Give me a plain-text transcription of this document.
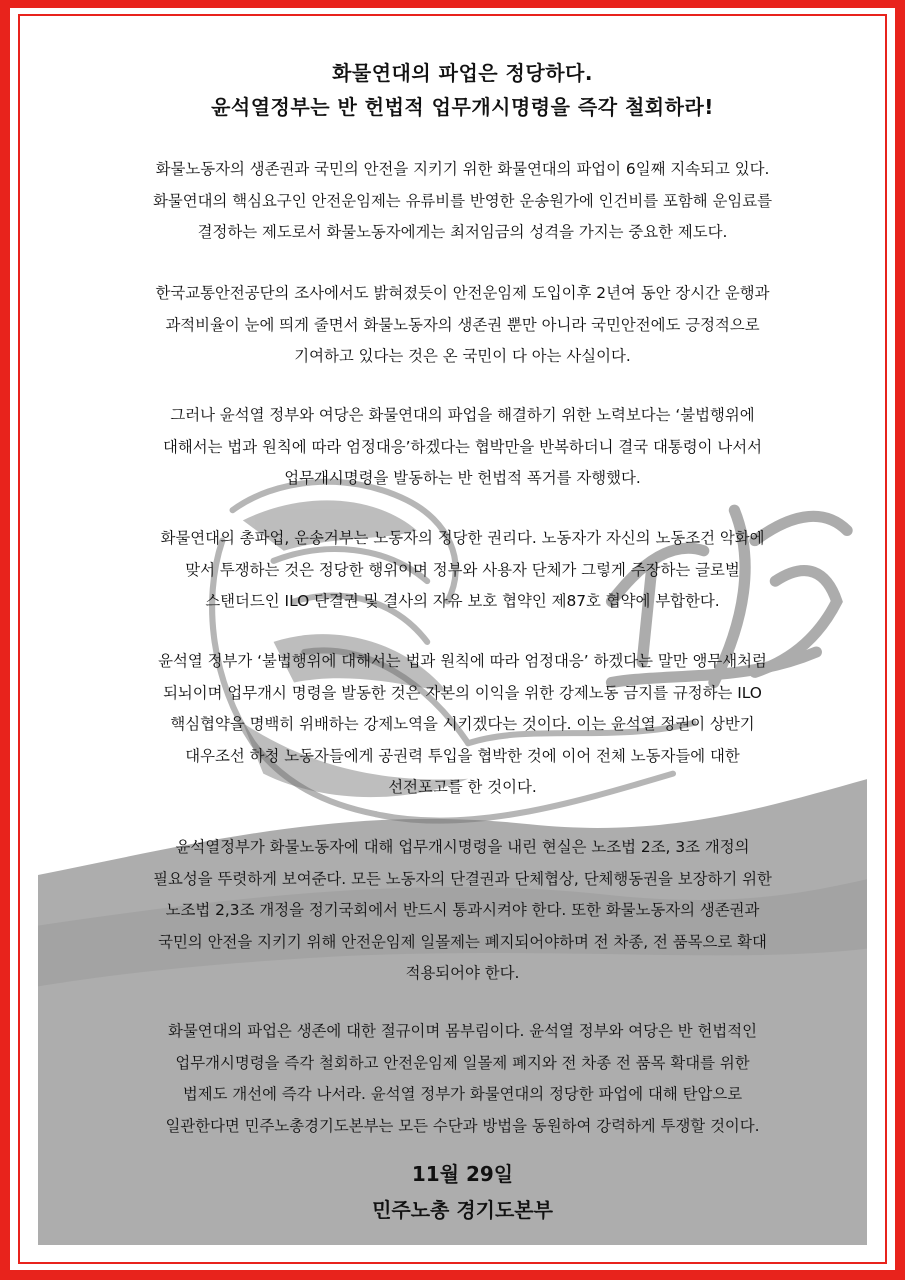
화물연대의 파업은 정당하다.
윤석열정부는 반 헌법적 업무개시명령을 즉각 철회하라!

화물노동자의 생존권과 국민의 안전을 지키기 위한 화물연대의 파업이 6일째 지속되고 있다.
화물연대의 핵심요구인 안전운임제는 유류비를 반영한 운송원가에 인건비를 포함해 운임료를
결정하는 제도로서 화물노동자에게는 최저임금의 성격을 가지는 중요한 제도다.

한국교통안전공단의 조사에서도 밝혀졌듯이 안전운임제 도입이후 2년여 동안 장시간 운행과
과적비율이 눈에 띄게 줄면서 화물노동자의 생존권 뿐만 아니라 국민안전에도 긍정적으로
기여하고 있다는 것은 온 국민이 다 아는 사실이다.

그러나 윤석열 정부와 여당은 화물연대의 파업을 해결하기 위한 노력보다는 ‘불법행위에
대해서는 법과 원칙에 따라 엄정대응’하겠다는 협박만을 반복하더니 결국 대통령이 나서서
업무개시명령을 발동하는 반 헌법적 폭거를 자행했다.

화물연대의 총파업, 운송거부는 노동자의 정당한 권리다. 노동자가 자신의 노동조건 악화에
맞서 투쟁하는 것은 정당한 행위이며 정부와 사용자 단체가 그렇게 주장하는 글로벌
스탠더드인 ILO 단결권 및 결사의 자유 보호 협약인 제87호 협약에 부합한다.

윤석열 정부가 ‘불법행위에 대해서는 법과 원칙에 따라 엄정대응’ 하겠다는 말만 앵무새처럼
되뇌이며 업무개시 명령을 발동한 것은 자본의 이익을 위한 강제노동 금지를 규정하는 ILO
핵심협약을 명백히 위배하는 강제노역을 시키겠다는 것이다. 이는 윤석열 정권이 상반기
대우조선 하청 노동자들에게 공권력 투입을 협박한 것에 이어 전체 노동자들에 대한
선전포고를 한 것이다.

윤석열정부가 화물노동자에 대해 업무개시명령을 내린 현실은 노조법 2조, 3조 개정의
필요성을 뚜렷하게 보여준다. 모든 노동자의 단결권과 단체협상, 단체행동권을 보장하기 위한
노조법 2,3조 개정을 정기국회에서 반드시 통과시켜야 한다. 또한 화물노동자의 생존권과
국민의 안전을 지키기 위해 안전운임제 일몰제는 폐지되어야하며 전 차종, 전 품목으로 확대
적용되어야 한다.

화물연대의 파업은 생존에 대한 절규이며 몸부림이다. 윤석열 정부와 여당은 반 헌법적인
업무개시명령을 즉각 철회하고 안전운임제 일몰제 폐지와 전 차종 전 품목 확대를 위한
법제도 개선에 즉각 나서라. 윤석열 정부가 화물연대의 정당한 파업에 대해 탄압으로
일관한다면 민주노총경기도본부는 모든 수단과 방법을 동원하여 강력하게 투쟁할 것이다.

11월 29일
민주노총 경기도본부
